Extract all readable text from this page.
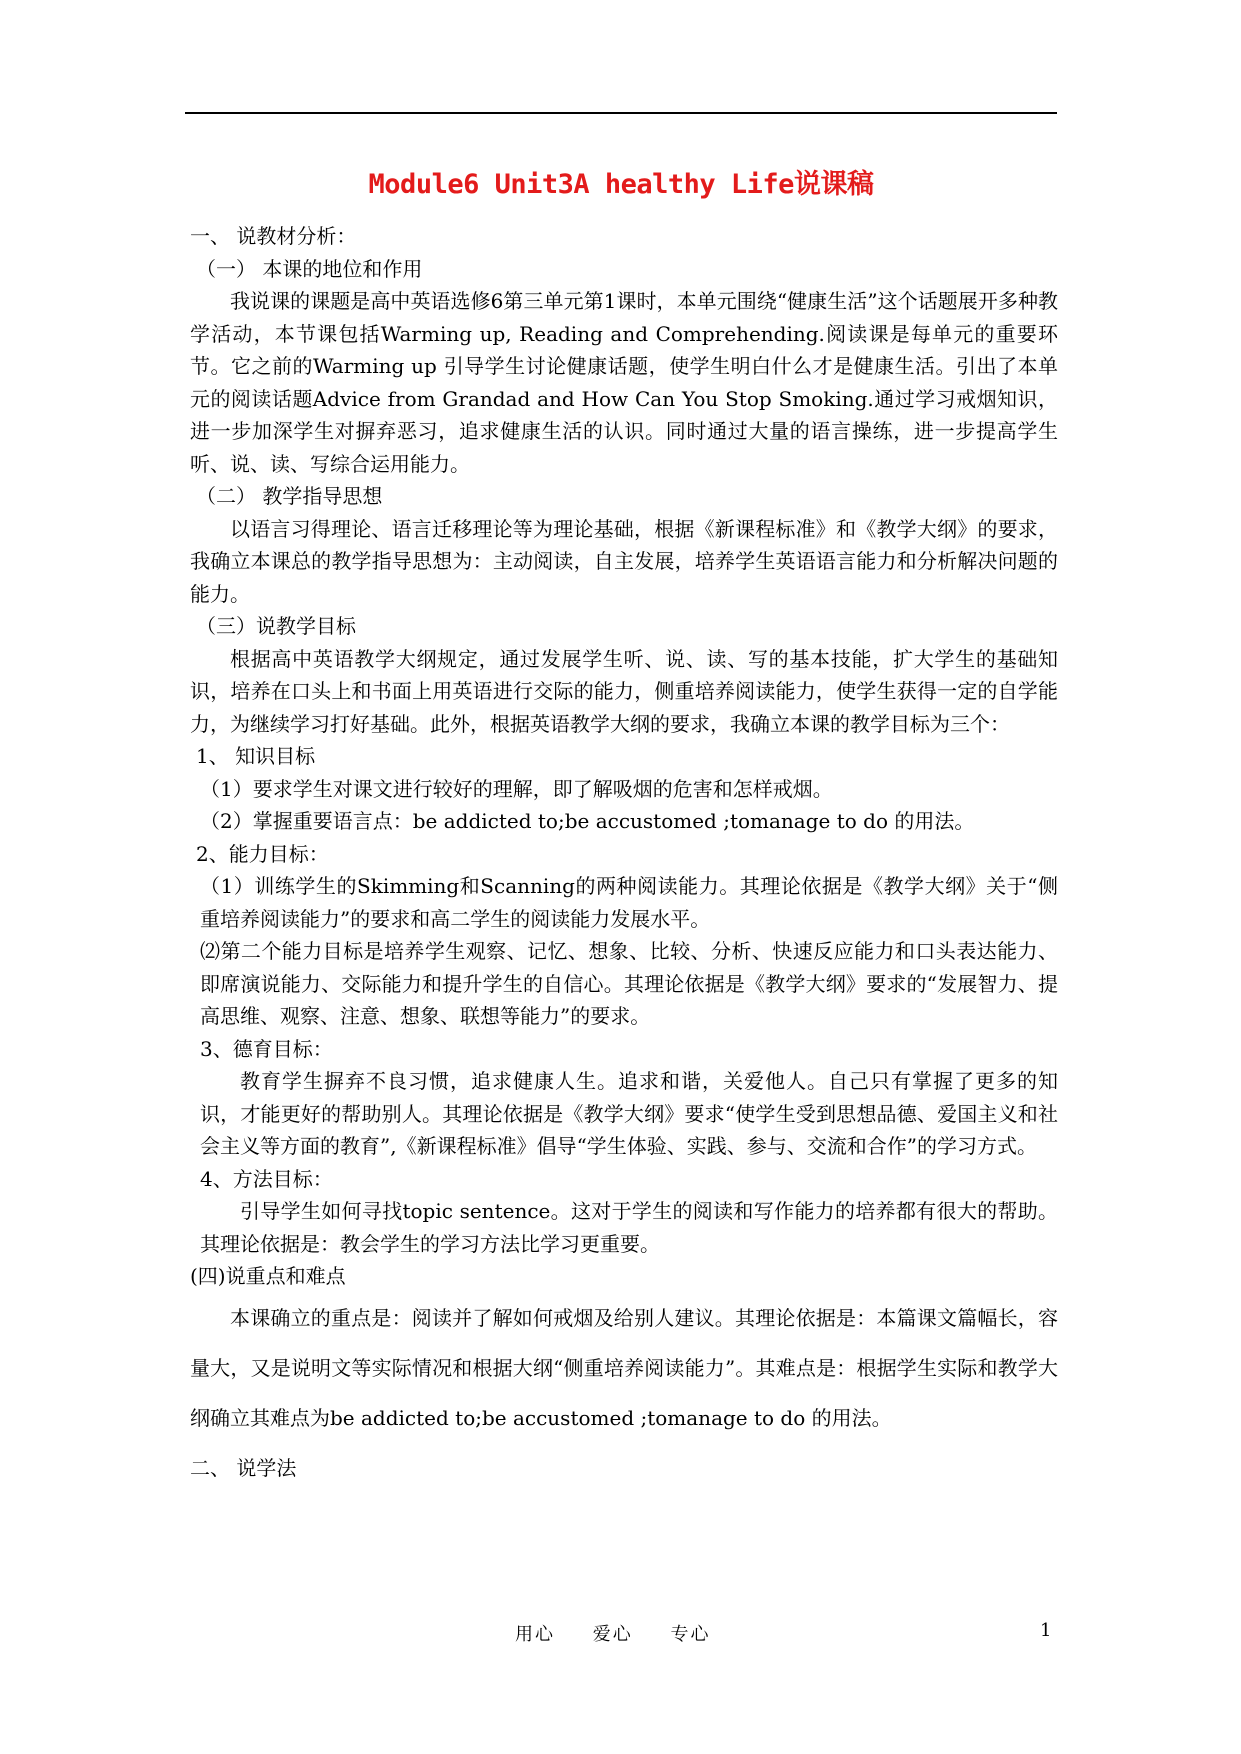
Module6 Unit3A healthy Life说课稿

一、 说教材分析：

（一） 本课的地位和作用

我说课的课题是高中英语选修6第三单元第1课时，本单元围绕“健康生活”这个话题展开多种教学活动，本节课包括Warming up, Reading and Comprehending.阅读课是每单元的重要环节。它之前的Warming up 引导学生讨论健康话题，使学生明白什么才是健康生活。引出了本单元的阅读话题Advice from Grandad and How Can You Stop Smoking.通过学习戒烟知识，进一步加深学生对摒弃恶习，追求健康生活的认识。同时通过大量的语言操练，进一步提高学生听、说、读、写综合运用能力。

（二） 教学指导思想

以语言习得理论、语言迁移理论等为理论基础，根据《新课程标准》和《教学大纲》的要求，我确立本课总的教学指导思想为：主动阅读，自主发展，培养学生英语语言能力和分析解决问题的能力。

（三）说教学目标

根据高中英语教学大纲规定，通过发展学生听、说、读、写的基本技能，扩大学生的基础知识，培养在口头上和书面上用英语进行交际的能力，侧重培养阅读能力，使学生获得一定的自学能力，为继续学习打好基础。此外，根据英语教学大纲的要求，我确立本课的教学目标为三个：

1、 知识目标

（1）要求学生对课文进行较好的理解，即了解吸烟的危害和怎样戒烟。

（2）掌握重要语言点：be addicted to;be accustomed ;tomanage to do 的用法。

2、能力目标：

（1）训练学生的Skimming和Scanning的两种阅读能力。其理论依据是《教学大纲》关于“侧重培养阅读能力”的要求和高二学生的阅读能力发展水平。

⑵第二个能力目标是培养学生观察、记忆、想象、比较、分析、快速反应能力和口头表达能力、即席演说能力、交际能力和提升学生的自信心。其理论依据是《教学大纲》要求的“发展智力、提高思维、观察、注意、想象、联想等能力”的要求。

3、德育目标：

教育学生摒弃不良习惯，追求健康人生。追求和谐，关爱他人。自己只有掌握了更多的知识，才能更好的帮助别人。其理论依据是《教学大纲》要求“使学生受到思想品德、爱国主义和社会主义等方面的教育”,《新课程标准》倡导“学生体验、实践、参与、交流和合作”的学习方式。

4、方法目标：

引导学生如何寻找topic sentence。这对于学生的阅读和写作能力的培养都有很大的帮助。其理论依据是：教会学生的学习方法比学习更重要。

(四)说重点和难点

本课确立的重点是：阅读并了解如何戒烟及给别人建议。其理论依据是：本篇课文篇幅长，容量大，又是说明文等实际情况和根据大纲“侧重培养阅读能力”。其难点是：根据学生实际和教学大纲确立其难点为be addicted to;be accustomed ;tomanage to do 的用法。

二、 说学法

用心 爱心 专心	1
